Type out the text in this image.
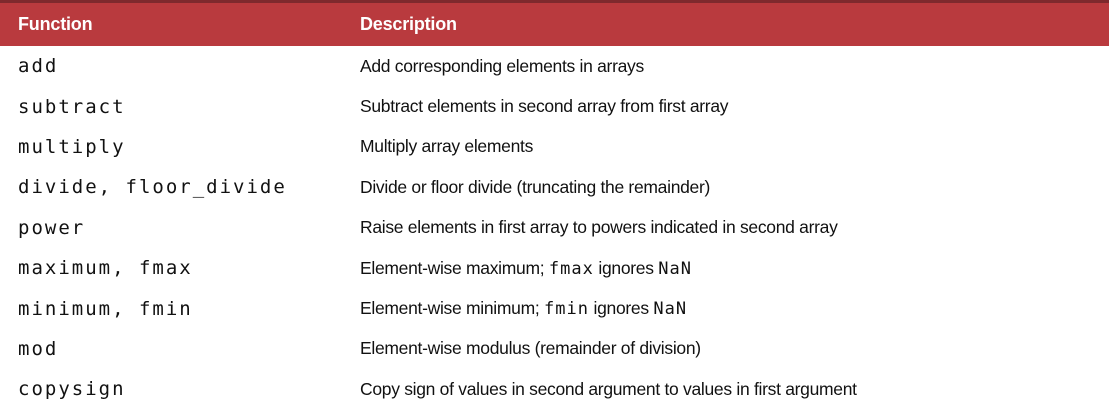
Function	Description
add	Add corresponding elements in arrays
subtract	Subtract elements in second array from first array
multiply	Multiply array elements
divide, floor_divide	Divide or floor divide (truncating the remainder)
power	Raise elements in first array to powers indicated in second array
maximum, fmax	Element-wise maximum; fmax ignores NaN
minimum, fmin	Element-wise minimum; fmin ignores NaN
mod	Element-wise modulus (remainder of division)
copysign	Copy sign of values in second argument to values in first argument
